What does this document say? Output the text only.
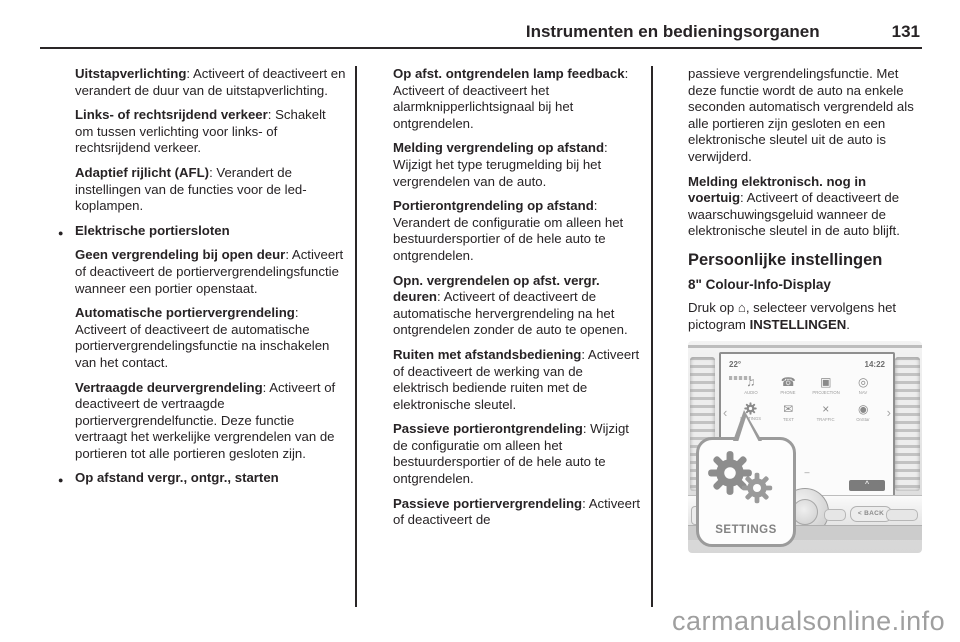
Instrumenten en bedieningsorganen	131

Uitstapverlichting: Activeert of deactiveert en verandert de duur van de uitstapverlichting.

Links- of rechtsrijdend verkeer: Schakelt om tussen verlichting voor links- of rechtsrijdend verkeer.

Adaptief rijlicht (AFL): Verandert de instellingen van de functies voor de led-koplampen.

● Elektrische portiersloten

Geen vergrendeling bij open deur: Activeert of deactiveert de portiervergrendelingsfunctie wanneer een portier openstaat.

Automatische portiervergrendeling: Activeert of deactiveert de automatische portiervergrendelingsfunctie na inschakelen van het contact.

Vertraagde deurvergrendeling: Activeert of deactiveert de vertraagde portiervergrendelfunctie. Deze functie vertraagt het werkelijke vergrendelen van de portieren tot alle portieren gesloten zijn.

● Op afstand vergr., ontgr., starten

Op afst. ontgrendelen lamp feedback: Activeert of deactiveert het alarmknipperlichtsignaal bij het ontgrendelen.

Melding vergrendeling op afstand: Wijzigt het type terugmelding bij het vergrendelen van de auto.

Portierontgrendeling op afstand: Verandert de configuratie om alleen het bestuurdersportier of de hele auto te ontgrendelen.

Opn. vergrendelen op afst. vergr. deuren: Activeert of deactiveert de automatische hervergrendeling na het ontgrendelen zonder de auto te openen.

Ruiten met afstandsbediening: Activeert of deactiveert de werking van de elektrisch bediende ruiten met de elektronische sleutel.

Passieve portierontgrendeling: Wijzigt de configuratie om alleen het bestuurdersportier of de hele auto te ontgrendelen.

Passieve portiervergrendeling: Activeert of deactiveert de

passieve vergrendelingsfunctie. Met deze functie wordt de auto na enkele seconden automatisch vergrendeld als alle portieren zijn gesloten en een elektronische sleutel uit de auto is verwijderd.

Melding elektronisch. nog in voertuig: Activeert of deactiveert de waarschuwingsgeluid wanneer de elektronische sleutel in de auto blijft.

Persoonlijke instellingen
8" Colour-Info-Display

Druk op ⌂, selecteer vervolgens het pictogram INSTELLINGEN.

22°	14:22
‹	›
♫
AUDIO
☎
PHONE
▣
PROJECTION
◎
NAV
SETTINGS
✉
TEXT
×
TRAFFIC
◉
OnStar
–
^
< BACK
SETTINGS
carmanualsonline.info
